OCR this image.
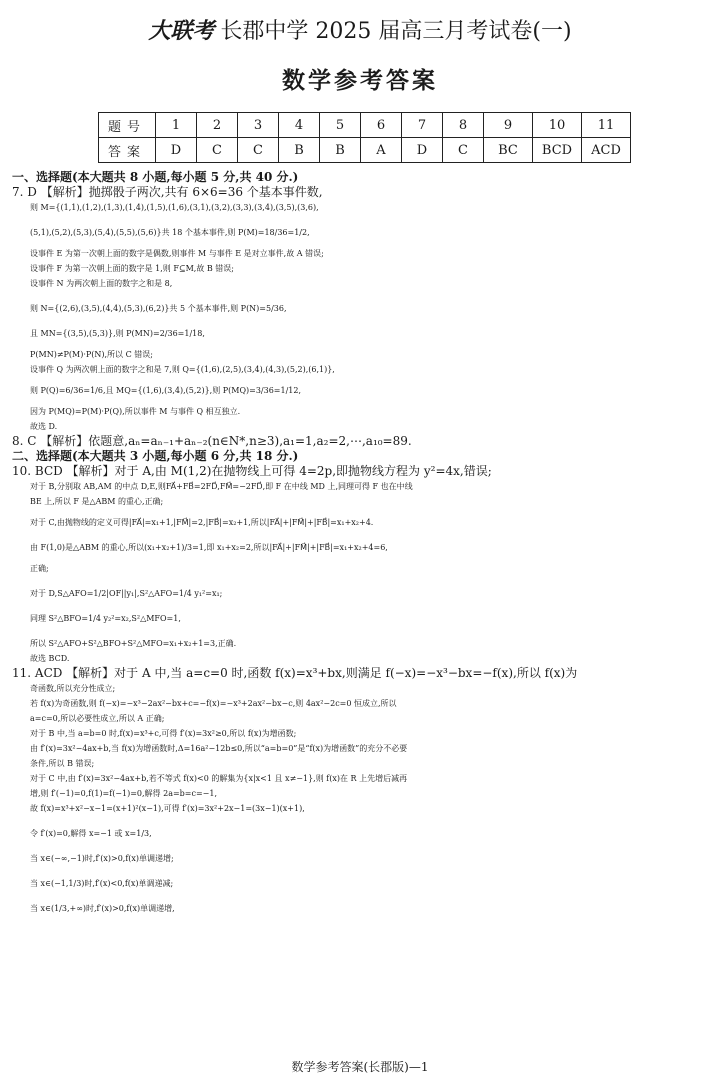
大联考 长郡中学 2025 届高三月考试卷(一)
数学参考答案
题号	1	2	3	4	5	6	7	8	9	10	11
答案	D	C	C	B	B	A	D	C	BC	BCD	ACD
一、选择题(本大题共 8 小题,每小题 5 分,共 40 分.)
7. D 【解析】抛掷骰子两次,共有 6×6=36 个基本事件数,
则 M={(1,1),(1,2),(1,3),(1,4),(1,5),(1,6),(3,1),(3,2),(3,3),(3,4),(3,5),(3,6),
(5,1),(5,2),(5,3),(5,4),(5,5),(5,6)}共 18 个基本事件,则 P(M)=18/36=1/2,
设事件 E 为第一次朝上面的数字是偶数,则事件 M 与事件 E 是对立事件,故 A 错误;
设事件 F 为第一次朝上面的数字是 1,则 F⊆M,故 B 错误;
设事件 N 为两次朝上面的数字之和是 8,
则 N={(2,6),(3,5),(4,4),(5,3),(6,2)}共 5 个基本事件,则 P(N)=5/36,
且 MN={(3,5),(5,3)},则 P(MN)=2/36=1/18,
P(MN)≠P(M)·P(N),所以 C 错误;
设事件 Q 为两次朝上面的数字之和是 7,则 Q={(1,6),(2,5),(3,4),(4,3),(5,2),(6,1)},
则 P(Q)=6/36=1/6,且 MQ={(1,6),(3,4),(5,2)},则 P(MQ)=3/36=1/12,
因为 P(MQ)=P(M)·P(Q),所以事件 M 与事件 Q 相互独立.
故选 D.
8. C 【解析】依题意,aₙ=aₙ₋₁+aₙ₋₂(n∈N*,n≥3),a₁=1,a₂=2,⋯,a₁₀=89.
二、选择题(本大题共 3 小题,每小题 6 分,共 18 分.)
10. BCD 【解析】对于 A,由 M(1,2)在抛物线上可得 4=2p,即抛物线方程为 y²=4x,错误;
对于 B,分别取 AB,AM 的中点 D,E,则FA⃗+FB⃗=2FD⃗,FM⃗=−2FD⃗,即 F 在中线 MD 上,同理可得 F 也在中线
BE 上,所以 F 是△ABM 的重心,正确;
对于 C,由抛物线的定义可得|FA⃗|=x₁+1,|FM⃗|=2,|FB⃗|=x₂+1,所以|FA⃗|+|FM⃗|+|FB⃗|=x₁+x₂+4.
由 F(1,0)是△ABM 的重心,所以(x₁+x₂+1)/3=1,即 x₁+x₂=2,所以|FA⃗|+|FM⃗|+|FB⃗|=x₁+x₂+4=6,
正确;
对于 D,S△AFO=1/2|OF||y₁|,S²△AFO=1/4 y₁²=x₁;
同理 S²△BFO=1/4 y₂²=x₂,S²△MFO=1,
所以 S²△AFO+S²△BFO+S²△MFO=x₁+x₂+1=3,正确.
故选 BCD.
11. ACD 【解析】对于 A 中,当 a=c=0 时,函数 f(x)=x³+bx,则满足 f(−x)=−x³−bx=−f(x),所以 f(x)为
奇函数,所以充分性成立;
若 f(x)为奇函数,则 f(−x)=−x³−2ax²−bx+c=−f(x)=−x³+2ax²−bx−c,则 4ax²−2c=0 恒成立,所以
a=c=0,所以必要性成立,所以 A 正确;
对于 B 中,当 a=b=0 时,f(x)=x³+c,可得 f′(x)=3x²≥0,所以 f(x)为增函数;
由 f′(x)=3x²−4ax+b,当 f(x)为增函数时,Δ=16a²−12b≤0,所以“a=b=0”是“f(x)为增函数”的充分不必要
条件,所以 B 错误;
对于 C 中,由 f′(x)=3x²−4ax+b,若不等式 f(x)<0 的解集为{x|x<1 且 x≠−1},则 f(x)在 R 上先增后减再
增,则 f′(−1)=0,f(1)=f(−1)=0,解得 2a=b=c=−1,
故 f(x)=x³+x²−x−1=(x+1)²(x−1),可得 f′(x)=3x²+2x−1=(3x−1)(x+1),
令 f′(x)=0,解得 x=−1 或 x=1/3,
当 x∈(−∞,−1)时,f′(x)>0,f(x)单调递增;
当 x∈(−1,1/3)时,f′(x)<0,f(x)单调递减;
当 x∈(1/3,+∞)时,f′(x)>0,f(x)单调递增,
数学参考答案(长郡版)—1
